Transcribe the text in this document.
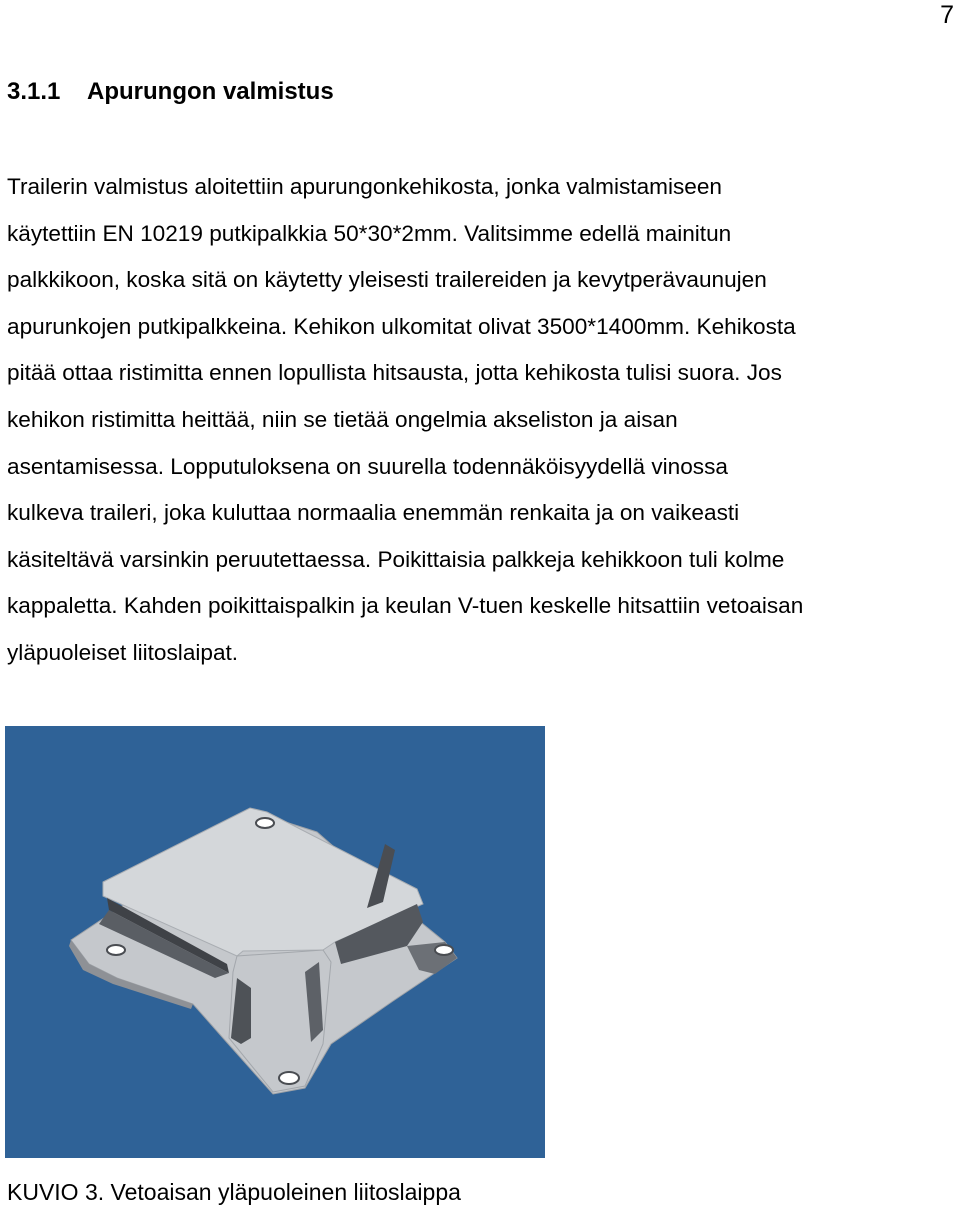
7
3.1.1 Apurungon valmistus

Trailerin valmistus aloitettiin apurungonkehikosta, jonka valmistamiseen
käytettiin EN 10219 putkipalkkia 50*30*2mm. Valitsimme edellä mainitun
palkkikoon, koska sitä on käytetty yleisesti trailereiden ja kevytperävaunujen
apurunkojen putkipalkkeina. Kehikon ulkomitat olivat 3500*1400mm. Kehikosta
pitää ottaa ristimitta ennen lopullista hitsausta, jotta kehikosta tulisi suora. Jos
kehikon ristimitta heittää, niin se tietää ongelmia akseliston ja aisan
asentamisessa. Lopputuloksena on suurella todennäköisyydellä vinossa
kulkeva traileri, joka kuluttaa normaalia enemmän renkaita ja on vaikeasti
käsiteltävä varsinkin peruutettaessa. Poikittaisia palkkeja kehikkoon tuli kolme
kappaletta. Kahden poikittaispalkin ja keulan V-tuen keskelle hitsattiin vetoaisan
yläpuoleiset liitoslaipat.

KUVIO 3. Vetoaisan yläpuoleinen liitoslaippa
